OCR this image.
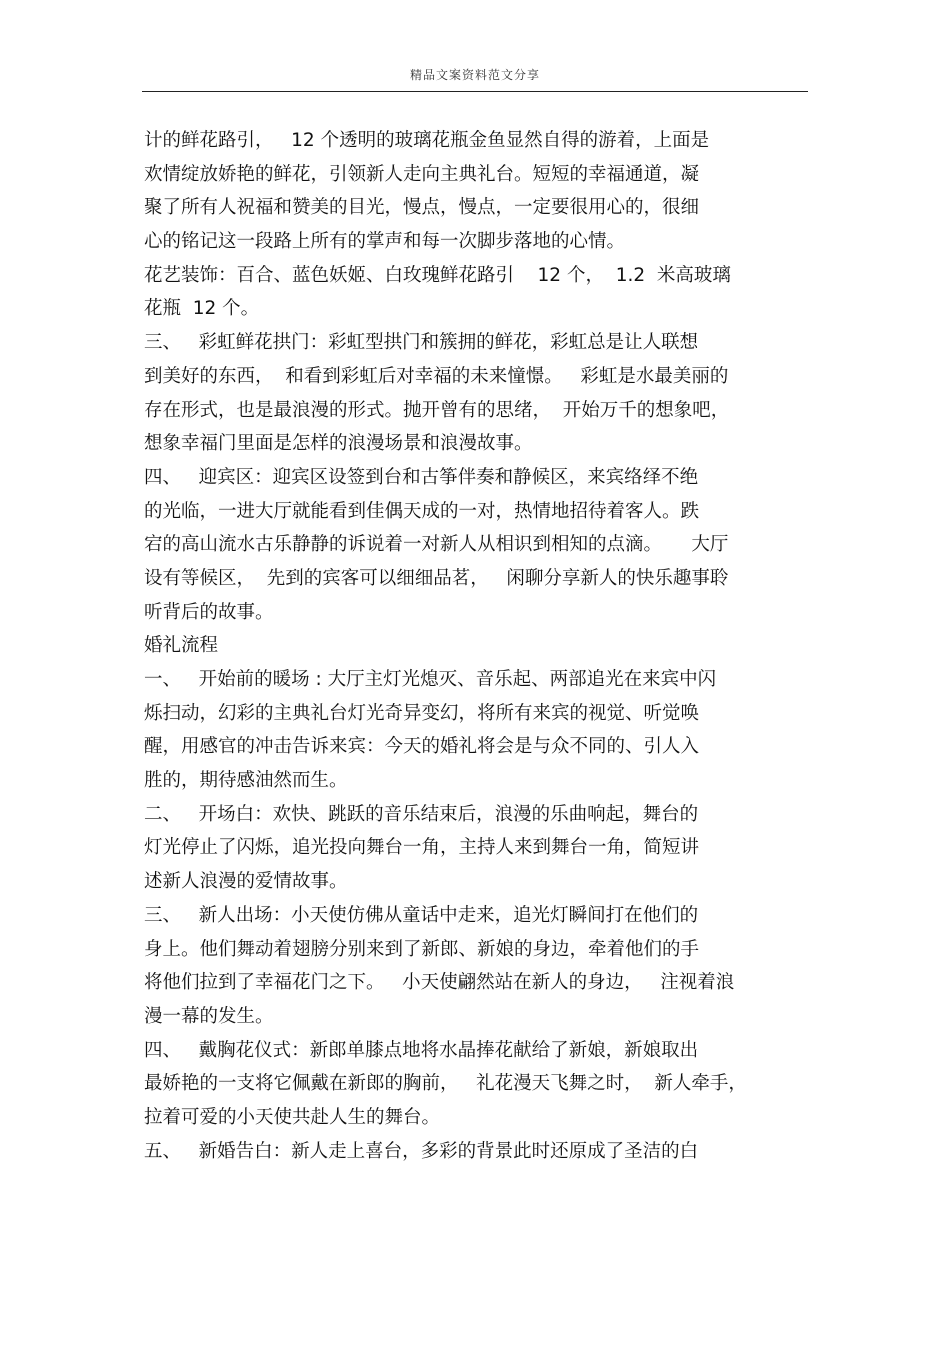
精品文案资料范文分享
计的鲜花路引，   12 个透明的玻璃花瓶金鱼显然自得的游着，上面是
欢情绽放娇艳的鲜花，引领新人走向主典礼台。短短的幸福通道，凝
聚了所有人祝福和赞美的目光，慢点，慢点，一定要很用心的，很细
心的铭记这一段路上所有的掌声和每一次脚步落地的心情。
花艺装饰：百合、蓝色妖姬、白玫瑰鲜花路引    12 个，  1.2  米高玻璃
花瓶  12 个。
三、   彩虹鲜花拱门：彩虹型拱门和簇拥的鲜花，彩虹总是让人联想
到美好的东西，  和看到彩虹后对幸福的未来憧憬。   彩虹是水最美丽的
存在形式，也是最浪漫的形式。抛开曾有的思绪，  开始万千的想象吧，
想象幸福门里面是怎样的浪漫场景和浪漫故事。
四、   迎宾区：迎宾区设签到台和古筝伴奏和静候区，来宾络绎不绝
的光临，一进大厅就能看到佳偶天成的一对，热情地招待着客人。跌
宕的高山流水古乐静静的诉说着一对新人从相识到相知的点滴。     大厅
设有等候区，  先到的宾客可以细细品茗，   闲聊分享新人的快乐趣事聆
听背后的故事。
婚礼流程
一、   开始前的暖场 : 大厅主灯光熄灭、音乐起、两部追光在来宾中闪
烁扫动，幻彩的主典礼台灯光奇异变幻，将所有来宾的视觉、听觉唤
醒，用感官的冲击告诉来宾：今天的婚礼将会是与众不同的、引人入
胜的，期待感油然而生。
二、   开场白：欢快、跳跃的音乐结束后，浪漫的乐曲响起，舞台的
灯光停止了闪烁，追光投向舞台一角，主持人来到舞台一角，简短讲
述新人浪漫的爱情故事。
三、   新人出场：小天使仿佛从童话中走来，追光灯瞬间打在他们的
身上。他们舞动着翅膀分别来到了新郎、新娘的身边，牵着他们的手
将他们拉到了幸福花门之下。   小天使翩然站在新人的身边，   注视着浪
漫一幕的发生。
四、   戴胸花仪式：新郎单膝点地将水晶捧花献给了新娘，新娘取出
最娇艳的一支将它佩戴在新郎的胸前，   礼花漫天飞舞之时，  新人牵手，
拉着可爱的小天使共赴人生的舞台。
五、   新婚告白：新人走上喜台，多彩的背景此时还原成了圣洁的白
